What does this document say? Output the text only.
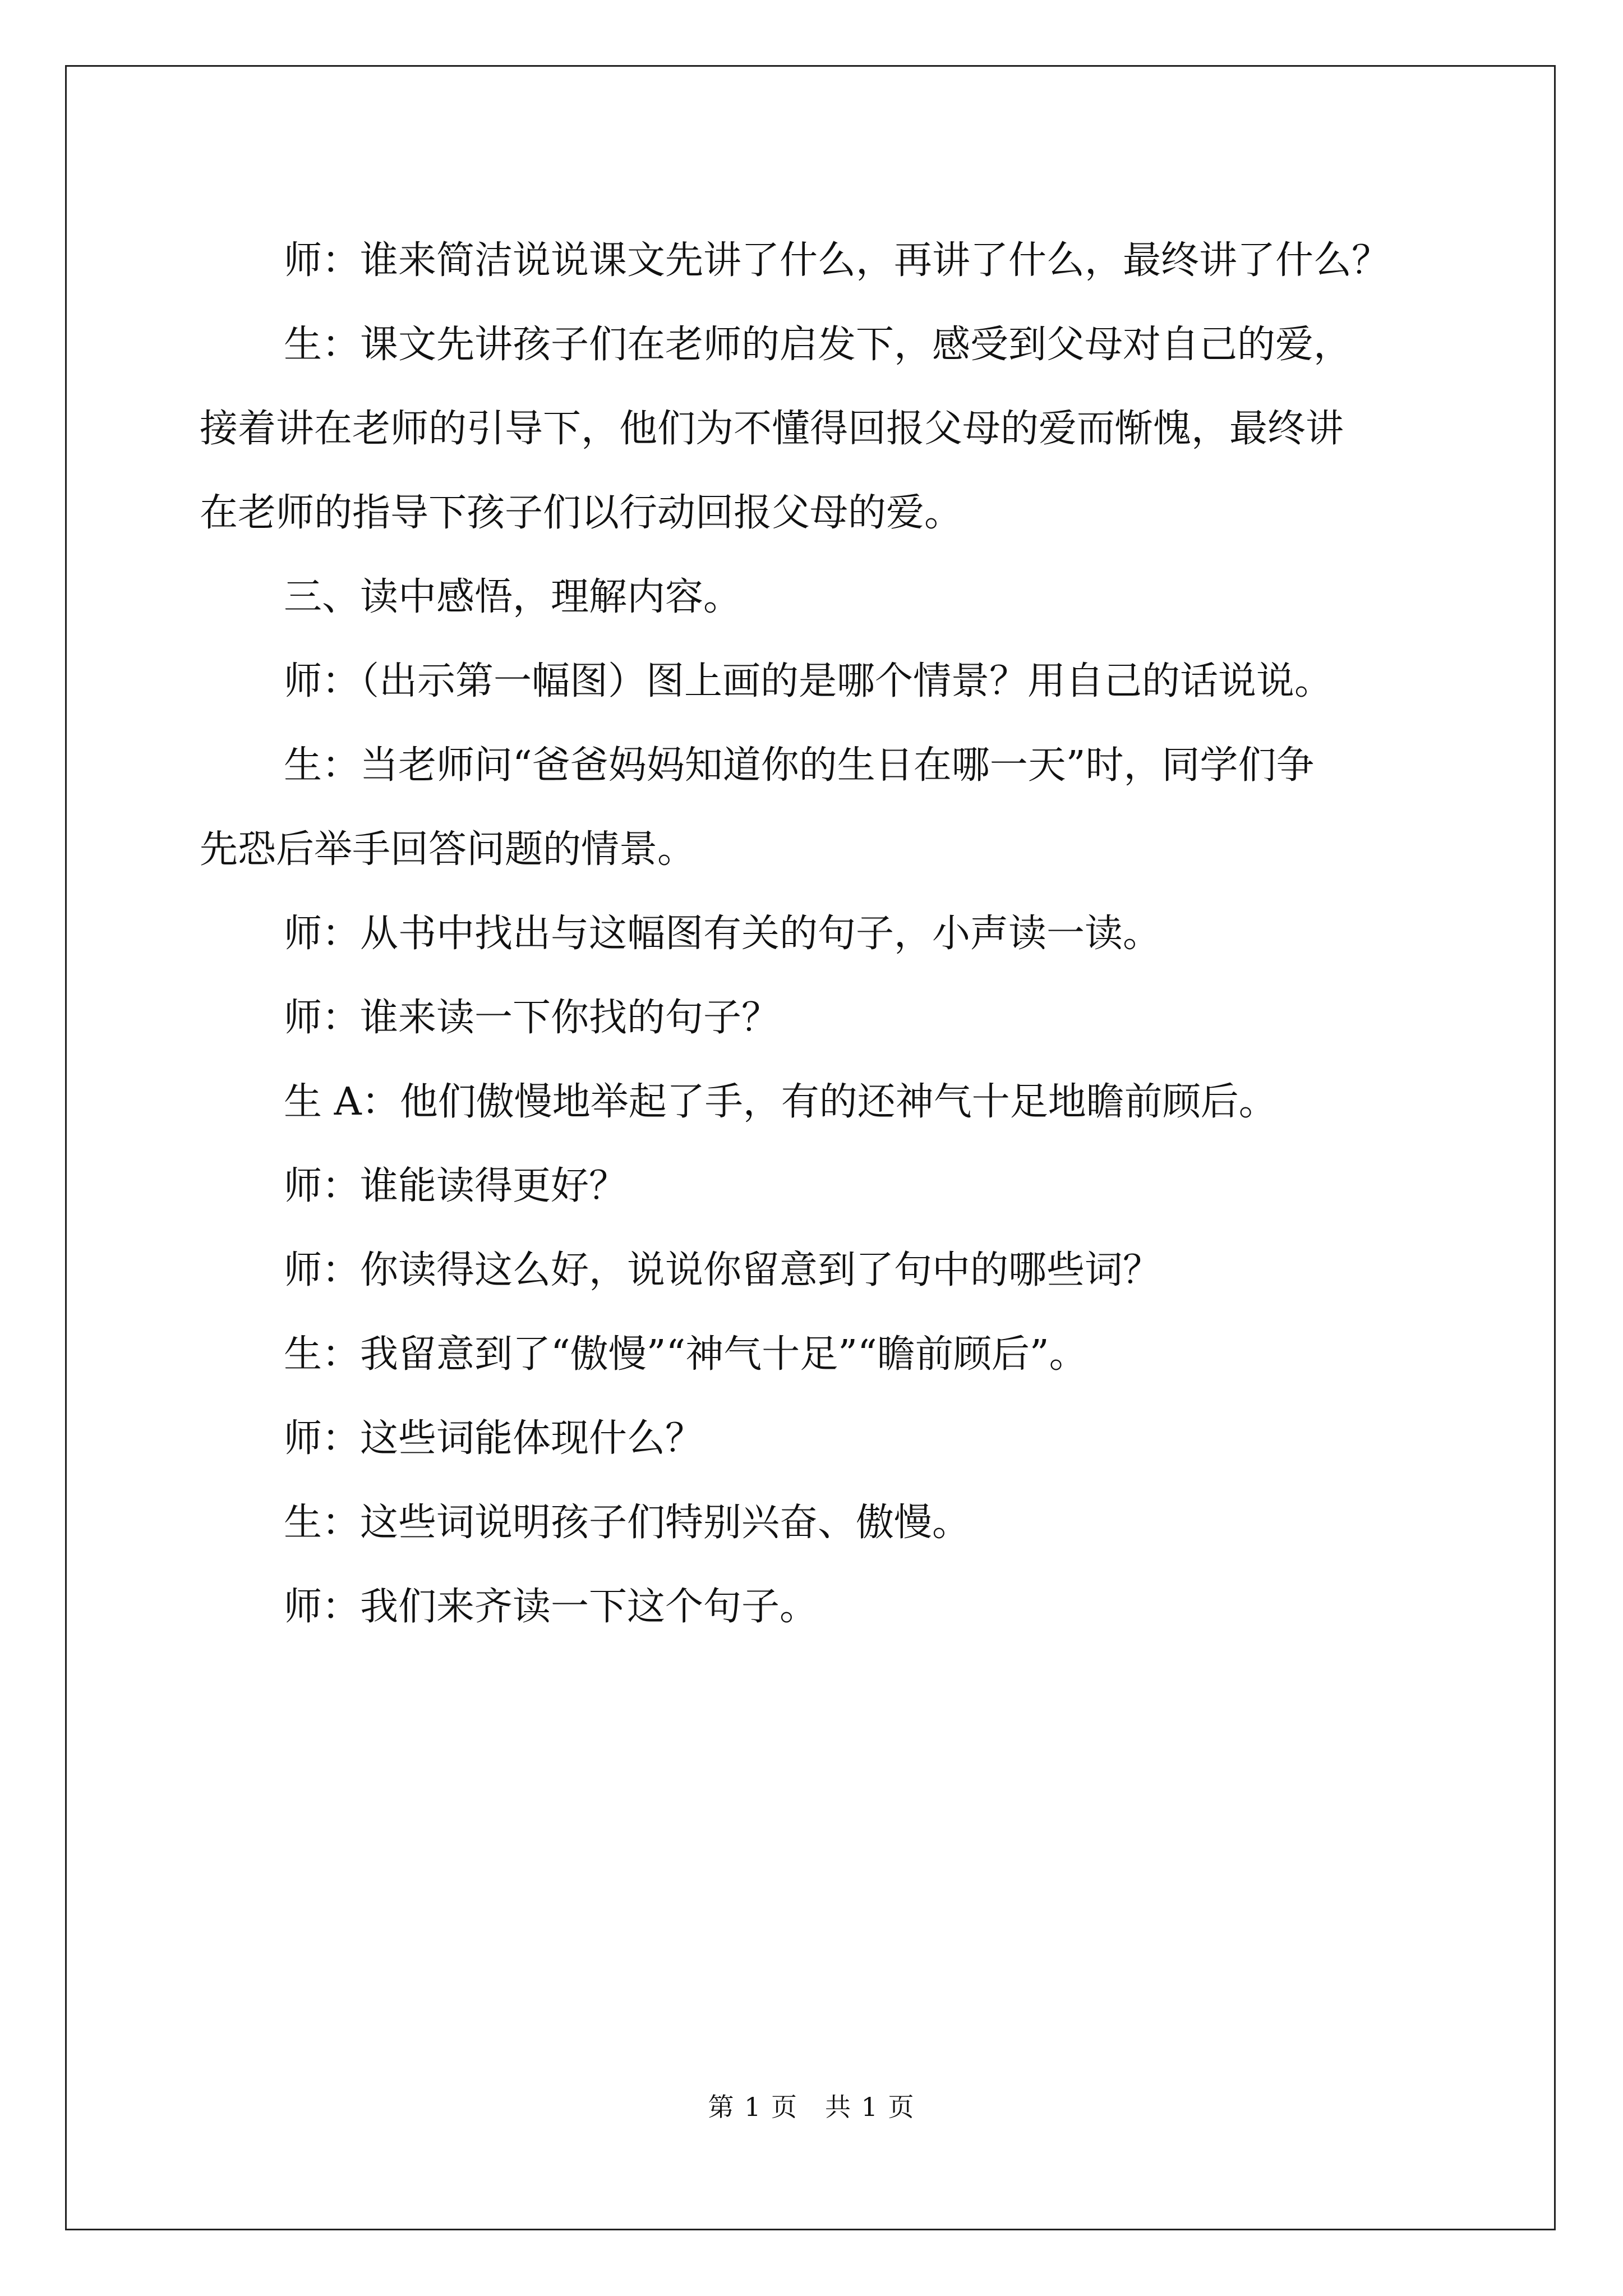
师：谁来简洁说说课文先讲了什么，再讲了什么，最终讲了什么？

生：课文先讲孩子们在老师的启发下，感受到父母对自己的爱，

接着讲在老师的引导下，他们为不懂得回报父母的爱而惭愧，最终讲

在老师的指导下孩子们以行动回报父母的爱。

三、读中感悟，理解内容。

师：（出示第一幅图）图上画的是哪个情景？用自己的话说说。

生：当老师问“爸爸妈妈知道你的生日在哪一天”时，同学们争

先恐后举手回答问题的情景。

师：从书中找出与这幅图有关的句子，小声读一读。

师：谁来读一下你找的句子？

生 A：他们傲慢地举起了手，有的还神气十足地瞻前顾后。

师：谁能读得更好？

师：你读得这么好，说说你留意到了句中的哪些词？

生：我留意到了“傲慢”“神气十足”“瞻前顾后”。

师：这些词能体现什么？

生：这些词说明孩子们特别兴奋、傲慢。

师：我们来齐读一下这个句子。

第 1 页　共 1 页
